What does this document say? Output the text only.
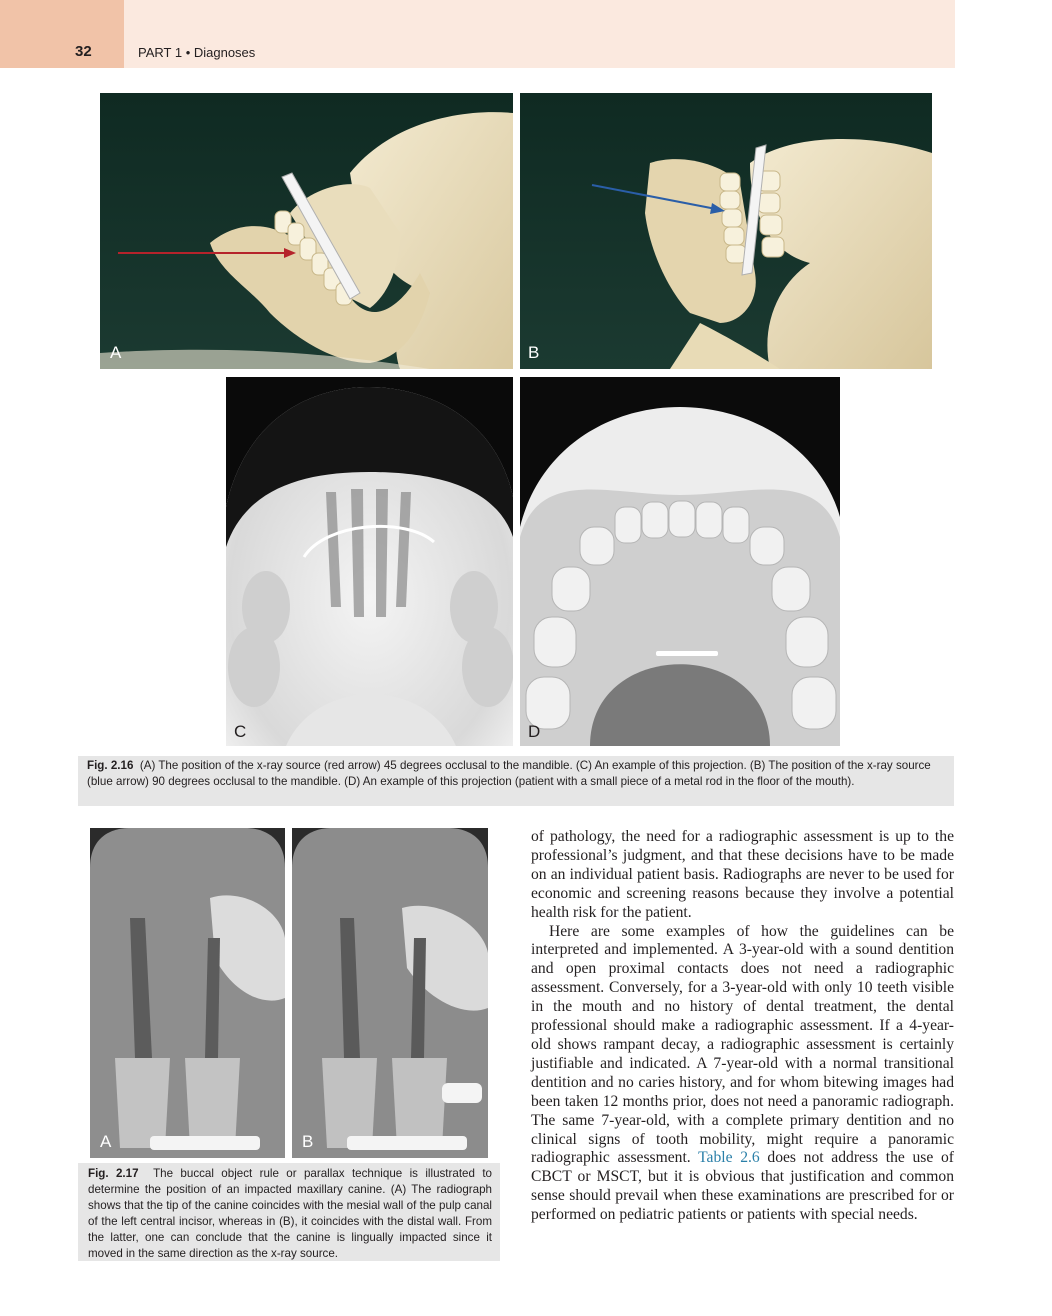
32	PART 1 • Diagnoses
A	B
C	D
Fig. 2.16 (A) The position of the x-ray source (red arrow) 45 degrees occlusal to the mandible. (C) An example of this projection. (B) The position of the x-ray source (blue arrow) 90 degrees occlusal to the mandible. (D) An example of this projection (patient with a small piece of a metal rod in the floor of the mouth).
A	B
Fig. 2.17 The buccal object rule or parallax technique is illustrated to determine the position of an impacted maxillary canine. (A) The radiograph shows that the tip of the canine coincides with the mesial wall of the pulp canal of the left central incisor, whereas in (B), it coincides with the distal wall. From the latter, one can conclude that the canine is lingually impacted since it moved in the same direction as the x-ray source.

of pathology, the need for a radiographic assessment is up to the professional’s judgment, and that these decisions have to be made on an individual patient basis. Radiographs are never to be used for economic and screening reasons because they involve a potential health risk for the patient.

Here are some examples of how the guidelines can be interpreted and implemented. A 3-year-old with a sound dentition and open proximal contacts does not need a radiographic assessment. Conversely, for a 3-year-old with only 10 teeth visible in the mouth and no history of dental treatment, the dental professional should make a radiographic assessment. If a 4-year-old shows rampant decay, a radiographic assessment is certainly justifiable and indicated. A 7-year-old with a normal transitional dentition and no caries history, and for whom bitewing images had been taken 12 months prior, does not need a panoramic radiograph. The same 7-year-old, with a complete primary dentition and no clinical signs of tooth mobility, might require a panoramic radiographic assessment. Table 2.6 does not address the use of CBCT or MSCT, but it is obvious that justification and common sense should prevail when these examinations are prescribed for or performed on pediatric patients or patients with special needs.
